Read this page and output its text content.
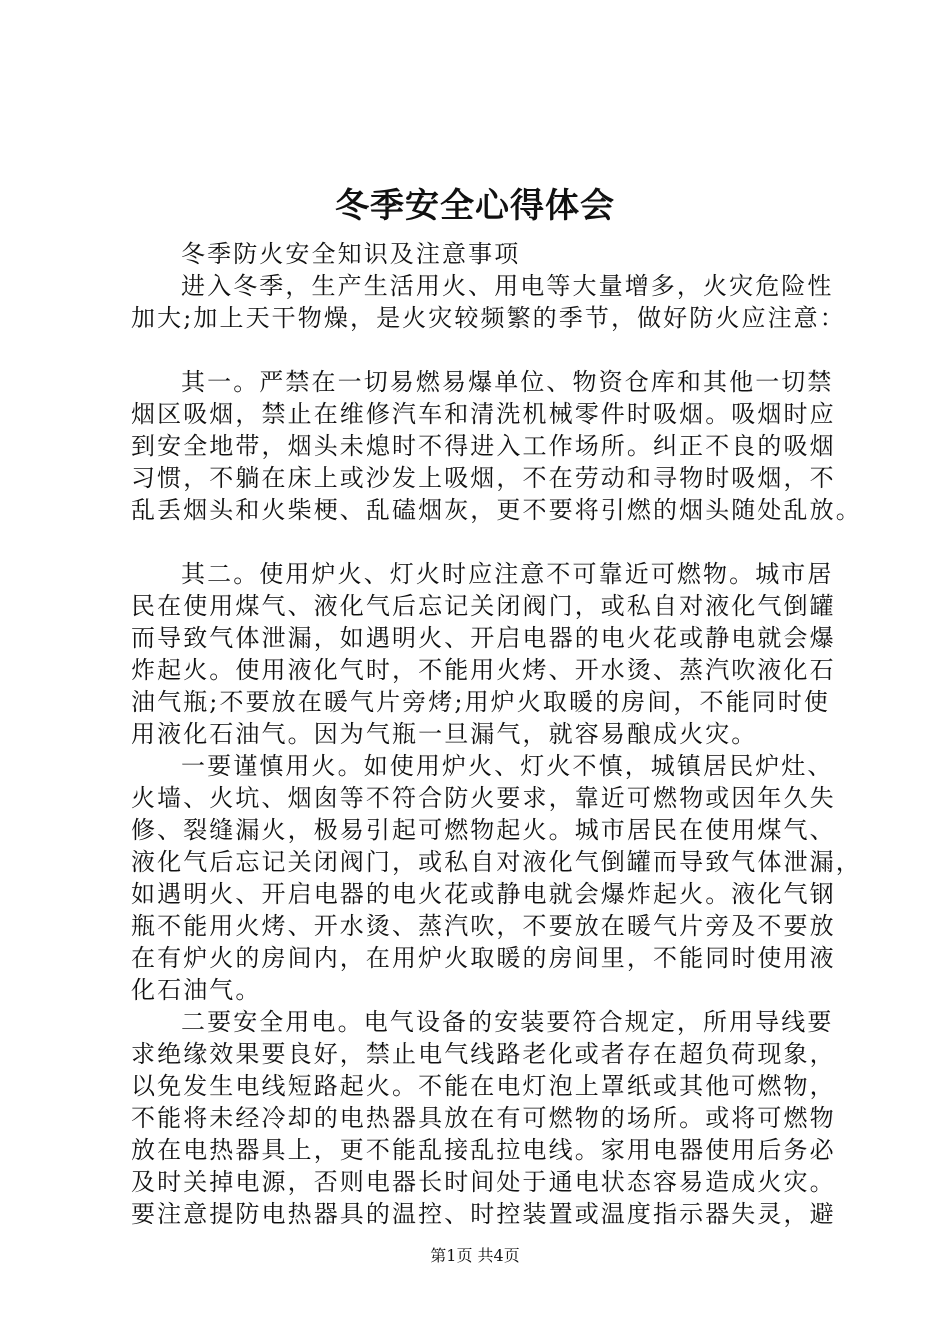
冬季安全心得体会
冬季防火安全知识及注意事项
进入冬季，生产生活用火、用电等大量增多，火灾危险性
加大;加上天干物燥，是火灾较频繁的季节，做好防火应注意：
其一。严禁在一切易燃易爆单位、物资仓库和其他一切禁
烟区吸烟，禁止在维修汽车和清洗机械零件时吸烟。吸烟时应
到安全地带，烟头未熄时不得进入工作场所。纠正不良的吸烟
习惯，不躺在床上或沙发上吸烟，不在劳动和寻物时吸烟，不
乱丢烟头和火柴梗、乱磕烟灰，更不要将引燃的烟头随处乱放。
其二。使用炉火、灯火时应注意不可靠近可燃物。城市居
民在使用煤气、液化气后忘记关闭阀门，或私自对液化气倒罐
而导致气体泄漏，如遇明火、开启电器的电火花或静电就会爆
炸起火。使用液化气时，不能用火烤、开水烫、蒸汽吹液化石
油气瓶;不要放在暖气片旁烤;用炉火取暖的房间，不能同时使
用液化石油气。因为气瓶一旦漏气，就容易酿成火灾。
一要谨慎用火。如使用炉火、灯火不慎，城镇居民炉灶、
火墙、火坑、烟囱等不符合防火要求，靠近可燃物或因年久失
修、裂缝漏火，极易引起可燃物起火。城市居民在使用煤气、
液化气后忘记关闭阀门，或私自对液化气倒罐而导致气体泄漏，
如遇明火、开启电器的电火花或静电就会爆炸起火。液化气钢
瓶不能用火烤、开水烫、蒸汽吹，不要放在暖气片旁及不要放
在有炉火的房间内，在用炉火取暖的房间里，不能同时使用液
化石油气。
二要安全用电。电气设备的安装要符合规定，所用导线要
求绝缘效果要良好，禁止电气线路老化或者存在超负荷现象，
以免发生电线短路起火。不能在电灯泡上罩纸或其他可燃物，
不能将未经冷却的电热器具放在有可燃物的场所。或将可燃物
放在电热器具上，更不能乱接乱拉电线。家用电器使用后务必
及时关掉电源，否则电器长时间处于通电状态容易造成火灾。
要注意提防电热器具的温控、时控装置或温度指示器失灵，避
第1页 共4页
